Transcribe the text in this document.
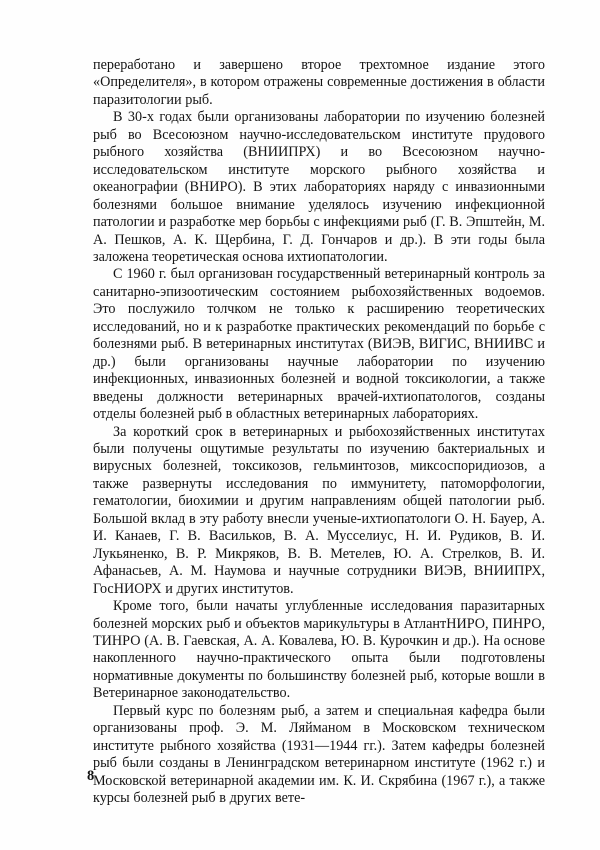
переработано и завершено второе трехтомное издание этого «Определителя», в котором отражены современные достижения в области паразитологии рыб.

В 30-х годах были организованы лаборатории по изучению болезней рыб во Всесоюзном научно-исследовательском институте прудового рыбного хозяйства (ВНИИПРХ) и во Всесоюзном научно-исследовательском институте морского рыбного хозяйства и океанографии (ВНИРО). В этих лабораториях наряду с инвазионными болезнями большое внимание уделялось изучению инфекционной патологии и разработке мер борьбы с инфекциями рыб (Г. В. Эпштейн, М. А. Пешков, А. К. Щербина, Г. Д. Гончаров и др.). В эти годы была заложена теоретическая основа ихтиопатологии.

С 1960 г. был организован государственный ветеринарный контроль за санитарно-эпизоотическим состоянием рыбохозяйственных водоемов. Это послужило толчком не только к расширению теоретических исследований, но и к разработке практических рекомендаций по борьбе с болезнями рыб. В ветеринарных институтах (ВИЭВ, ВИГИС, ВНИИВС и др.) были организованы научные лаборатории по изучению инфекционных, инвазионных болезней и водной токсикологии, а также введены должности ветеринарных врачей-ихтиопатологов, созданы отделы болезней рыб в областных ветеринарных лабораториях.

За короткий срок в ветеринарных и рыбохозяйственных институтах были получены ощутимые результаты по изучению бактериальных и вирусных болезней, токсикозов, гельминтозов, миксоспоридиозов, а также развернуты исследования по иммунитету, патоморфологии, гематологии, биохимии и другим направлениям общей патологии рыб. Большой вклад в эту работу внесли ученые-ихтиопатологи О. Н. Бауер, А. И. Канаев, Г. В. Васильков, В. А. Мусселиус, Н. И. Рудиков, В. И. Лукьяненко, В. Р. Микряков, В. В. Метелев, Ю. А. Стрелков, В. И. Афанасьев, А. М. Наумова и научные сотрудники ВИЭВ, ВНИИПРХ, ГосНИОРХ и других институтов.

Кроме того, были начаты углубленные исследования паразитарных болезней морских рыб и объектов марикультуры в АтлантНИРО, ПИНРО, ТИНРО (А. В. Гаевская, А. А. Ковалева, Ю. В. Курочкин и др.). На основе накопленного научно-практического опыта были подготовлены нормативные документы по большинству болезней рыб, которые вошли в Ветеринарное законодательство.

Первый курс по болезням рыб, а затем и специальная кафедра были организованы проф. Э. М. Ляйманом в Московском техническом институте рыбного хозяйства (1931—1944 гг.). Затем кафедры болезней рыб были созданы в Ленинградском ветеринарном институте (1962 г.) и Московской ветеринарной академии им. К. И. Скрябина (1967 г.), а также курсы болезней рыб в других вете-

8
